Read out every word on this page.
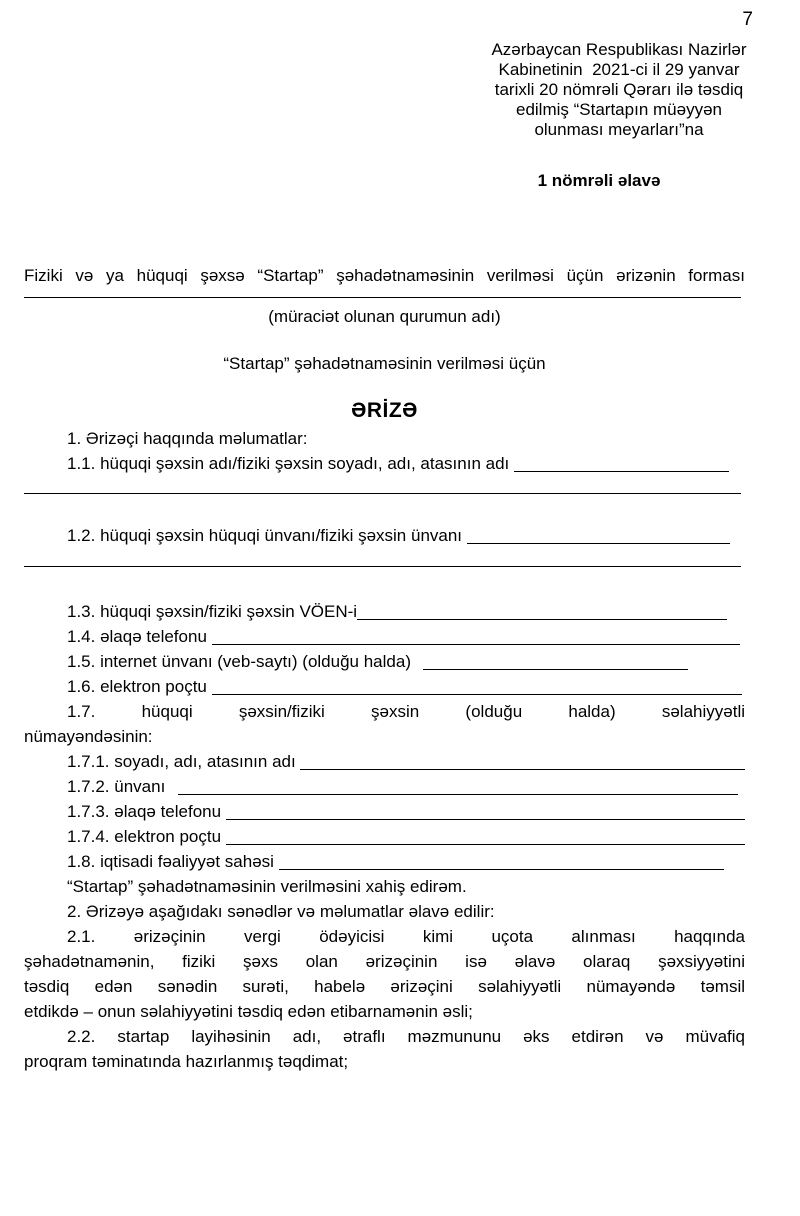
7
Azərbaycan Respublikası Nazirlər
Kabinetinin  2021-ci il 29 yanvar
tarixli 20 nömrəli Qərarı ilə təsdiq
edilmiş “Startapın müəyyən
olunması meyarları”na
1 nömrəli əlavə
Fiziki və ya hüquqi şəxsə “Startap” şəhadətnaməsinin verilməsi üçün ərizənin forması
(müraciət olunan qurumun adı)
“Startap” şəhadətnaməsinin verilməsi üçün
ƏRİZƏ
1. Ərizəçi haqqında məlumatlar:
1.1. hüquqi şəxsin adı/fiziki şəxsin soyadı, adı, atasının adı
1.2. hüquqi şəxsin hüquqi ünvanı/fiziki şəxsin ünvanı
1.3. hüquqi şəxsin/fiziki şəxsin VÖEN-i
1.4. əlaqə telefonu
1.5. internet ünvanı (veb-saytı) (olduğu halda)
1.6. elektron poçtu
1.7. hüquqi şəxsin/fiziki şəxsin (olduğu halda) səlahiyyətli
nümayəndəsinin:
1.7.1. soyadı, adı, atasının adı
1.7.2. ünvanı
1.7.3. əlaqə telefonu
1.7.4. elektron poçtu
1.8. iqtisadi fəaliyyət sahəsi
“Startap” şəhadətnaməsinin verilməsini xahiş edirəm.
2. Ərizəyə aşağıdakı sənədlər və məlumatlar əlavə edilir:
2.1. ərizəçinin vergi ödəyicisi kimi uçota alınması haqqında
şəhadətnamənin, fiziki şəxs olan ərizəçinin isə əlavə olaraq şəxsiyyətini
təsdiq edən sənədin surəti, habelə ərizəçini səlahiyyətli nümayəndə təmsil
etdikdə – onun səlahiyyətini təsdiq edən etibarnamənin əsli;
2.2. startap layihəsinin adı, ətraflı məzmununu əks etdirən və müvafiq
proqram təminatında hazırlanmış təqdimat;
